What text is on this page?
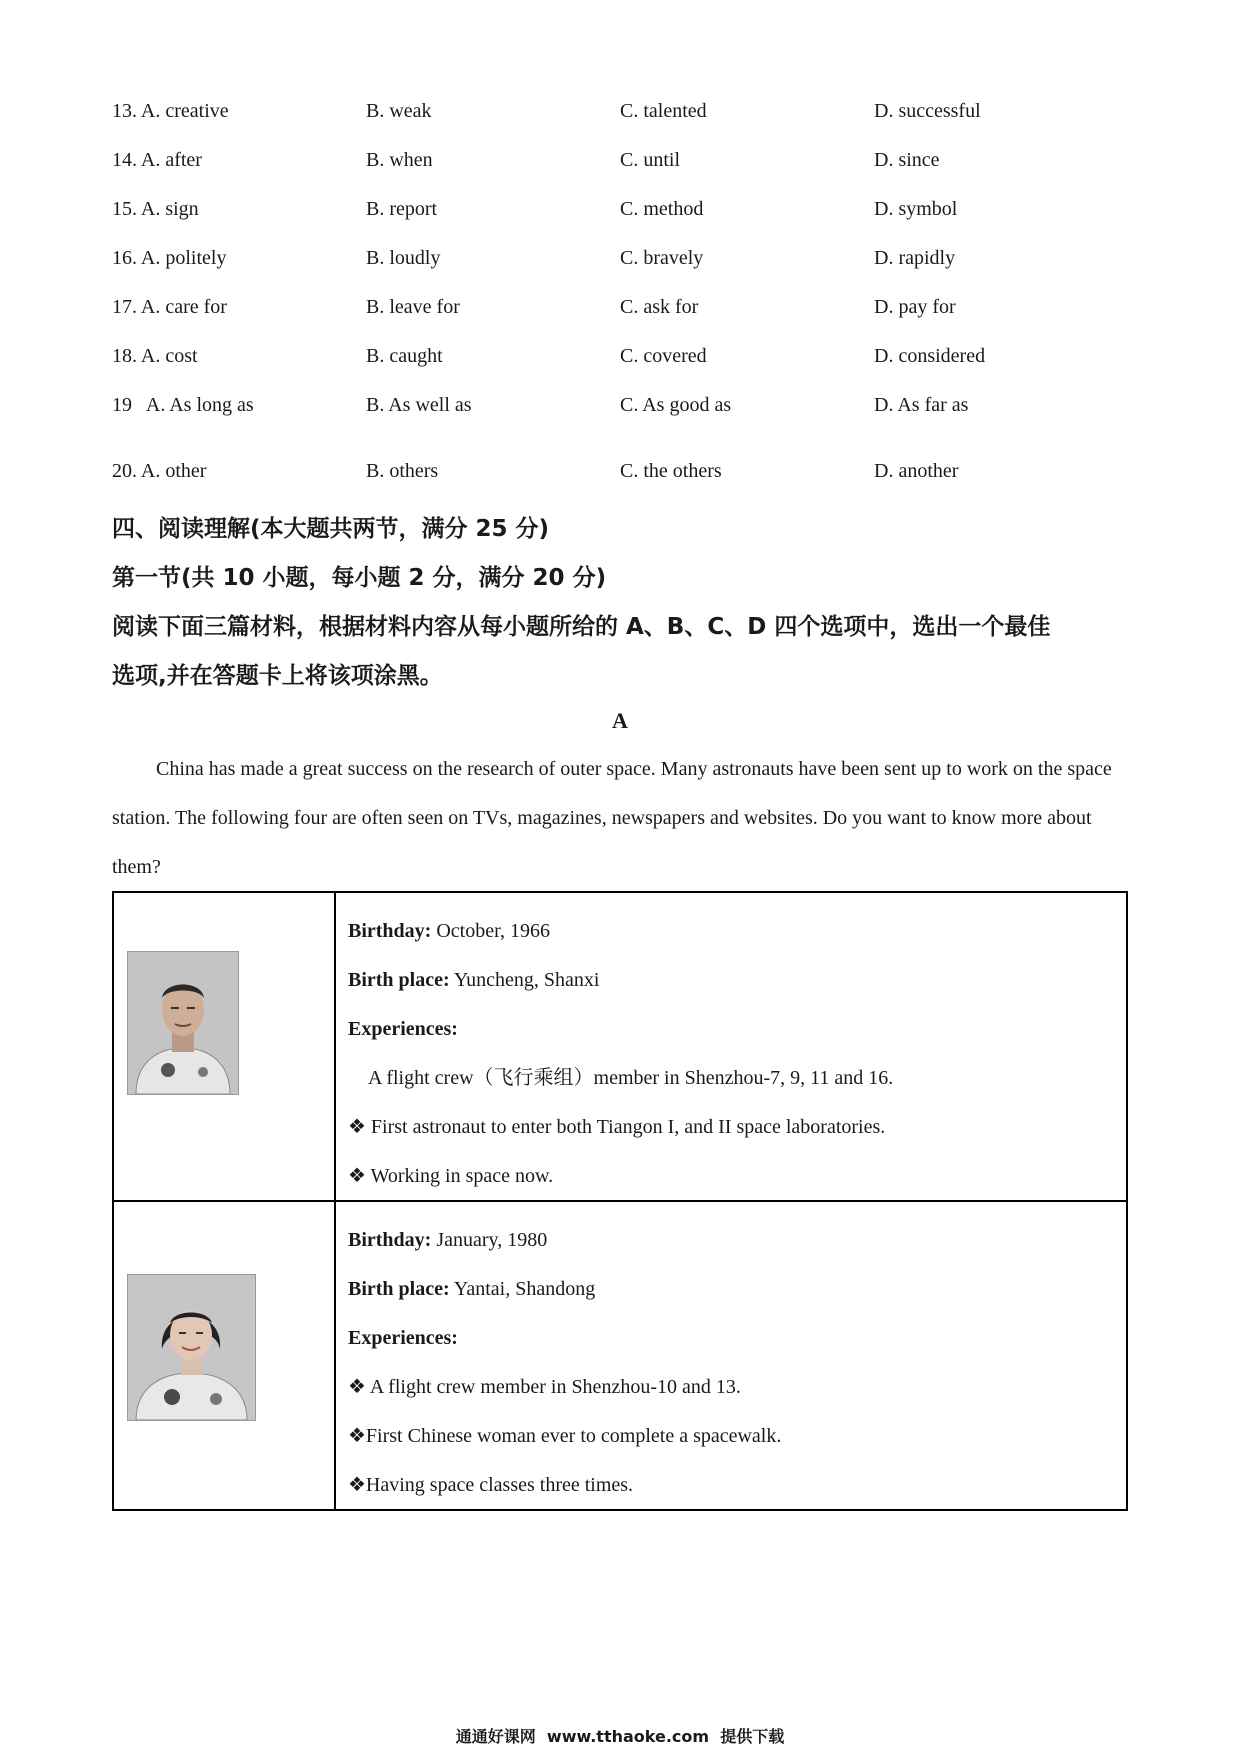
13. A. creative	B. weak	C. talented	D. successful
14. A. after	B. when	C. until	D. since
15. A. sign	B. report	C. method	D. symbol
16. A. politely	B. loudly	C. bravely	D. rapidly
17. A. care for	B. leave for	C. ask for	D. pay for
18. A. cost	B. caught	C. covered	D. considered
19   A. As long as	B. As well as	C. As good as	D. As far as
20. A. other	B. others	C. the others	D. another
四、阅读理解(本大题共两节，满分 25 分)
第一节(共 10 小题，每小题 2 分，满分 20 分)
阅读下面三篇材料，根据材料内容从每小题所给的 A、B、C、D 四个选项中，选出一个最佳
选项,并在答题卡上将该项涂黑。
A
China has made a great success on the research of outer space. Many astronauts have been sent up to work on the space station. The following four are often seen on TVs, magazines, newspapers and websites. Do you want to know more about them?
Birthday: October, 1966
Birth place: Yuncheng, Shanxi
Experiences:
A flight crew（飞行乘组）member in Shenzhou-7, 9, 11 and 16.
❖ First astronaut to enter both Tiangon I, and II space laboratories.
❖ Working in space now.
Birthday: January, 1980
Birth place: Yantai, Shandong
Experiences:
❖ A flight crew member in Shenzhou-10 and 13.
❖First Chinese woman ever to complete a spacewalk.
❖Having space classes three times.
通通好课网  www.tthaoke.com  提供下载
